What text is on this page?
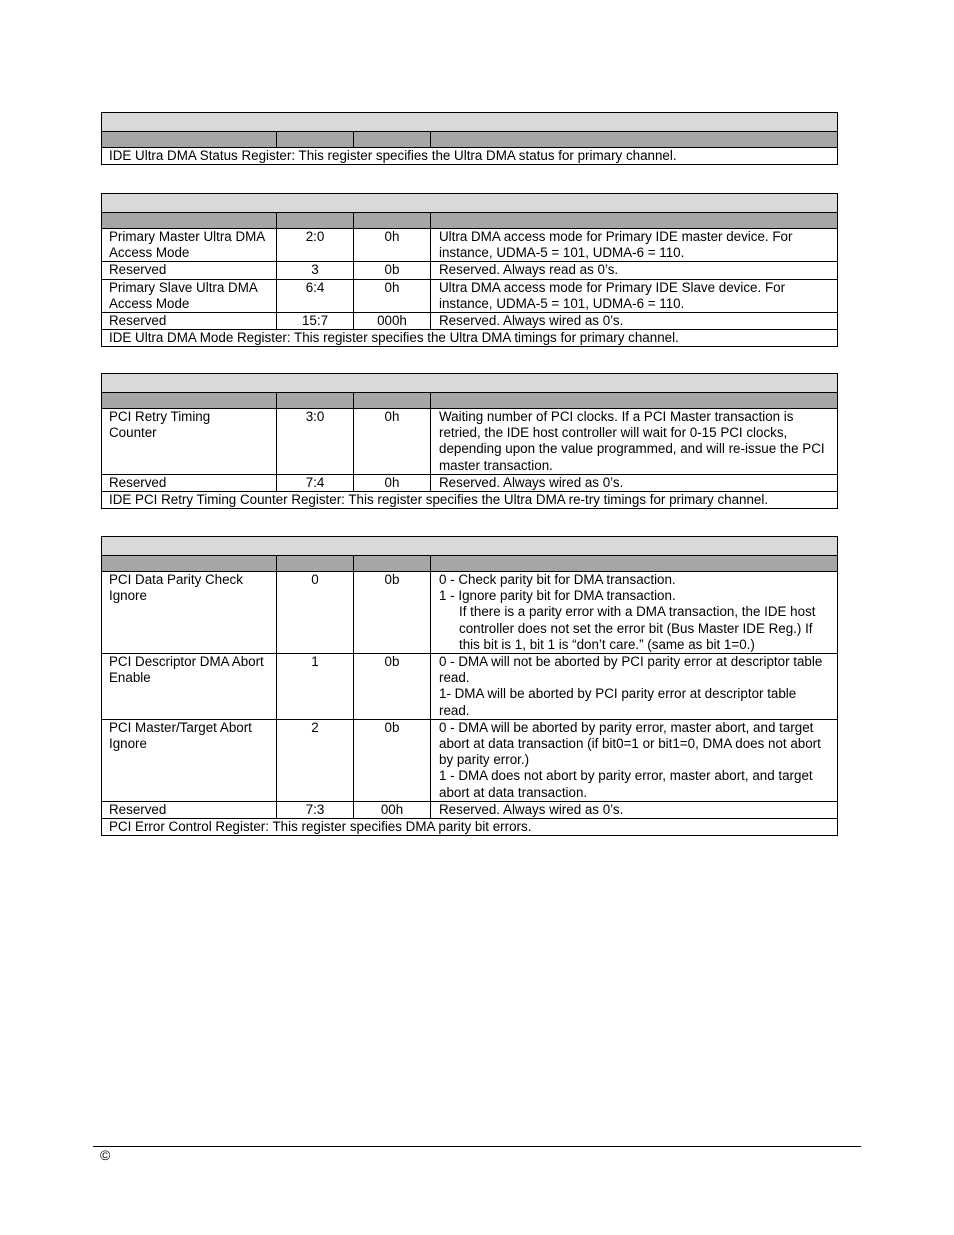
IDE Ultra DMA Status Register: This register specifies the Ultra DMA status for primary channel.

Primary Master Ultra DMA Access Mode	2:0	0h	Ultra DMA access mode for Primary IDE master device. For instance, UDMA-5 = 101, UDMA-6 = 110.

Reserved	3	0b	Reserved. Always read as 0’s.

Primary Slave Ultra DMA Access Mode	6:4	0h	Ultra DMA access mode for Primary IDE Slave device. For instance, UDMA-5 = 101, UDMA-6 = 110.

Reserved	15:7	000h	Reserved. Always wired as 0’s.

IDE Ultra DMA Mode Register: This register specifies the Ultra DMA timings for primary channel.			

PCI Retry Timing Counter	3:0	0h	Waiting number of PCI clocks. If a PCI Master transaction is retried, the IDE host controller will wait for 0-15 PCI clocks, depending upon the value programmed, and will re-issue the PCI master transaction.

Reserved	7:4	0h	Reserved. Always wired as 0’s.

IDE PCI Retry Timing Counter Register: This register specifies the Ultra DMA re-try timings for primary channel.			

PCI Data Parity Check Ignore	0	0b	0 - Check parity bit for DMA transaction.
1 - Ignore parity bit for DMA transaction.
If there is a parity error with a DMA transaction, the IDE host controller does not set the error bit (Bus Master IDE Reg.) If this bit is 1, bit 1 is “don’t care.” (same as bit 1=0.)

PCI Descriptor DMA Abort Enable	1	0b	0 - DMA will not be aborted by PCI parity error at descriptor table read.
1- DMA will be aborted by PCI parity error at descriptor table read.

PCI Master/Target Abort Ignore	2	0b	0 - DMA will be aborted by parity error, master abort, and target abort at data transaction (if bit0=1 or bit1=0, DMA does not abort by parity error.)
1 - DMA does not abort by parity error, master abort, and target abort at data transaction.

Reserved	7:3	00h	Reserved. Always wired as 0’s.

PCI Error Control Register: This register specifies DMA parity bit errors.			
©
